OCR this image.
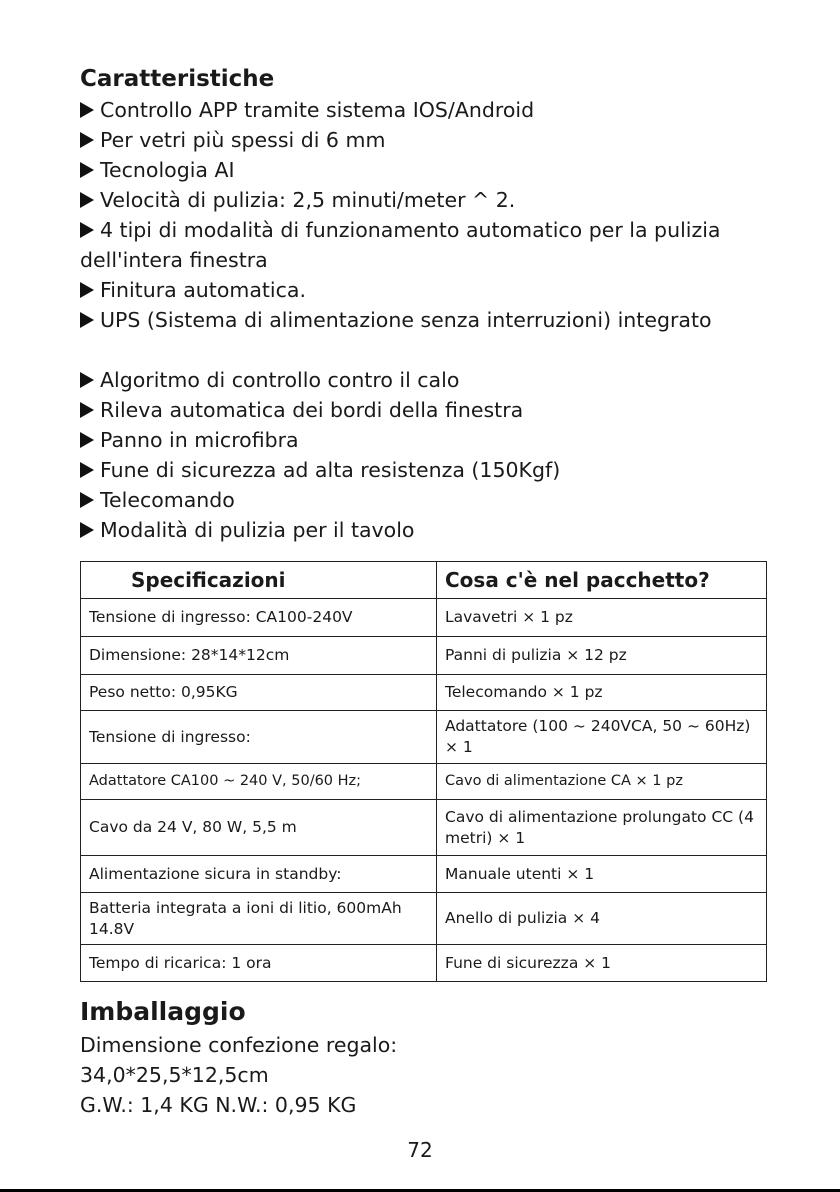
Caratteristiche
Controllo APP tramite sistema IOS/Android
Per vetri più spessi di 6 mm
Tecnologia AI
Velocità di pulizia: 2,5 minuti/meter ^ 2.
4 tipi di modalità di funzionamento automatico per la pulizia dell'intera finestra
Finitura automatica.
UPS (Sistema di alimentazione senza interruzioni) integrato
Algoritmo di controllo contro il calo
Rileva automatica dei bordi della finestra
Panno in microfibra
Fune di sicurezza ad alta resistenza (150Kgf)
Telecomando
Modalità di pulizia per il tavolo
Specificazioni	Cosa c'è nel pacchetto?
Tensione di ingresso: CA100-240V	Lavavetri × 1 pz
Dimensione: 28*14*12cm	Panni di pulizia × 12 pz
Peso netto: 0,95KG	Telecomando × 1 pz
Tensione di ingresso:	Adattatore (100 ~ 240VCA, 50 ~ 60Hz) × 1
Adattatore CA100 ~ 240 V, 50/60 Hz;	Cavo di alimentazione CA × 1 pz
Cavo da 24 V, 80 W, 5,5 m	Cavo di alimentazione prolungato CC (4 metri) × 1
Alimentazione sicura in standby:	Manuale utenti × 1
Batteria integrata a ioni di litio, 600mAh 14.8V	Anello di pulizia × 4
Tempo di ricarica: 1 ora	Fune di sicurezza × 1
Imballaggio
Dimensione confezione regalo:
34,0*25,5*12,5cm
G.W.: 1,4 KG N.W.: 0,95 KG
72
